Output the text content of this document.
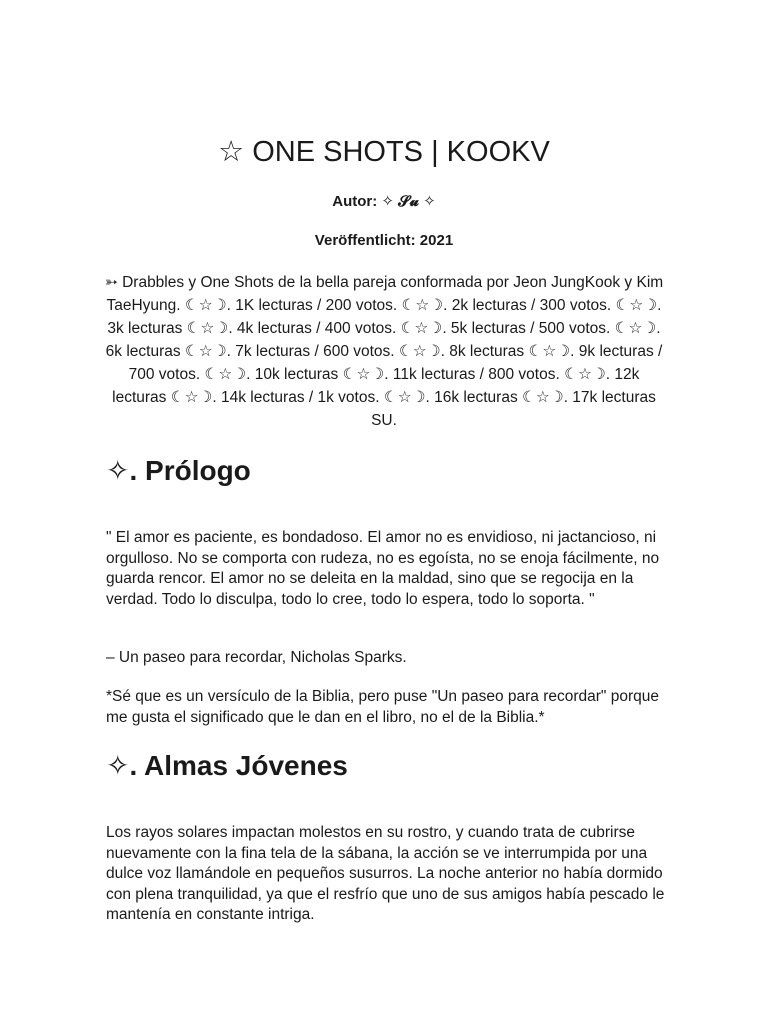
☆ ONE SHOTS | KOOKV

Autor: ✧ 𝓢𝓾 ✧

Veröffentlicht: 2021

➳ Drabbles y One Shots de la bella pareja conformada por Jeon JungKook y Kim TaeHyung. ☾☆☽. 1K lecturas / 200 votos. ☾☆☽. 2k lecturas / 300 votos. ☾☆☽. 3k lecturas ☾☆☽. 4k lecturas / 400 votos. ☾☆☽. 5k lecturas / 500 votos. ☾☆☽. 6k lecturas ☾☆☽. 7k lecturas / 600 votos. ☾☆☽. 8k lecturas ☾☆☽. 9k lecturas / 700 votos. ☾☆☽. 10k lecturas ☾☆☽. 11k lecturas / 800 votos. ☾☆☽. 12k lecturas ☾☆☽. 14k lecturas / 1k votos. ☾☆☽. 16k lecturas ☾☆☽. 17k lecturas SU.

✧. Prólogo

" El amor es paciente, es bondadoso. El amor no es envidioso, ni jactancioso, ni orgulloso. No se comporta con rudeza, no es egoísta, no se enoja fácilmente, no guarda rencor. El amor no se deleita en la maldad, sino que se regocija en la verdad. Todo lo disculpa, todo lo cree, todo lo espera, todo lo soporta. "

– Un paseo para recordar, Nicholas Sparks.

*Sé que es un versículo de la Biblia, pero puse "Un paseo para recordar" porque me gusta el significado que le dan en el libro, no el de la Biblia.*

✧. Almas Jóvenes

Los rayos solares impactan molestos en su rostro, y cuando trata de cubrirse nuevamente con la fina tela de la sábana, la acción se ve interrumpida por una dulce voz llamándole en pequeños susurros. La noche anterior no había dormido con plena tranquilidad, ya que el resfrío que uno de sus amigos había pescado le mantenía en constante intriga.
